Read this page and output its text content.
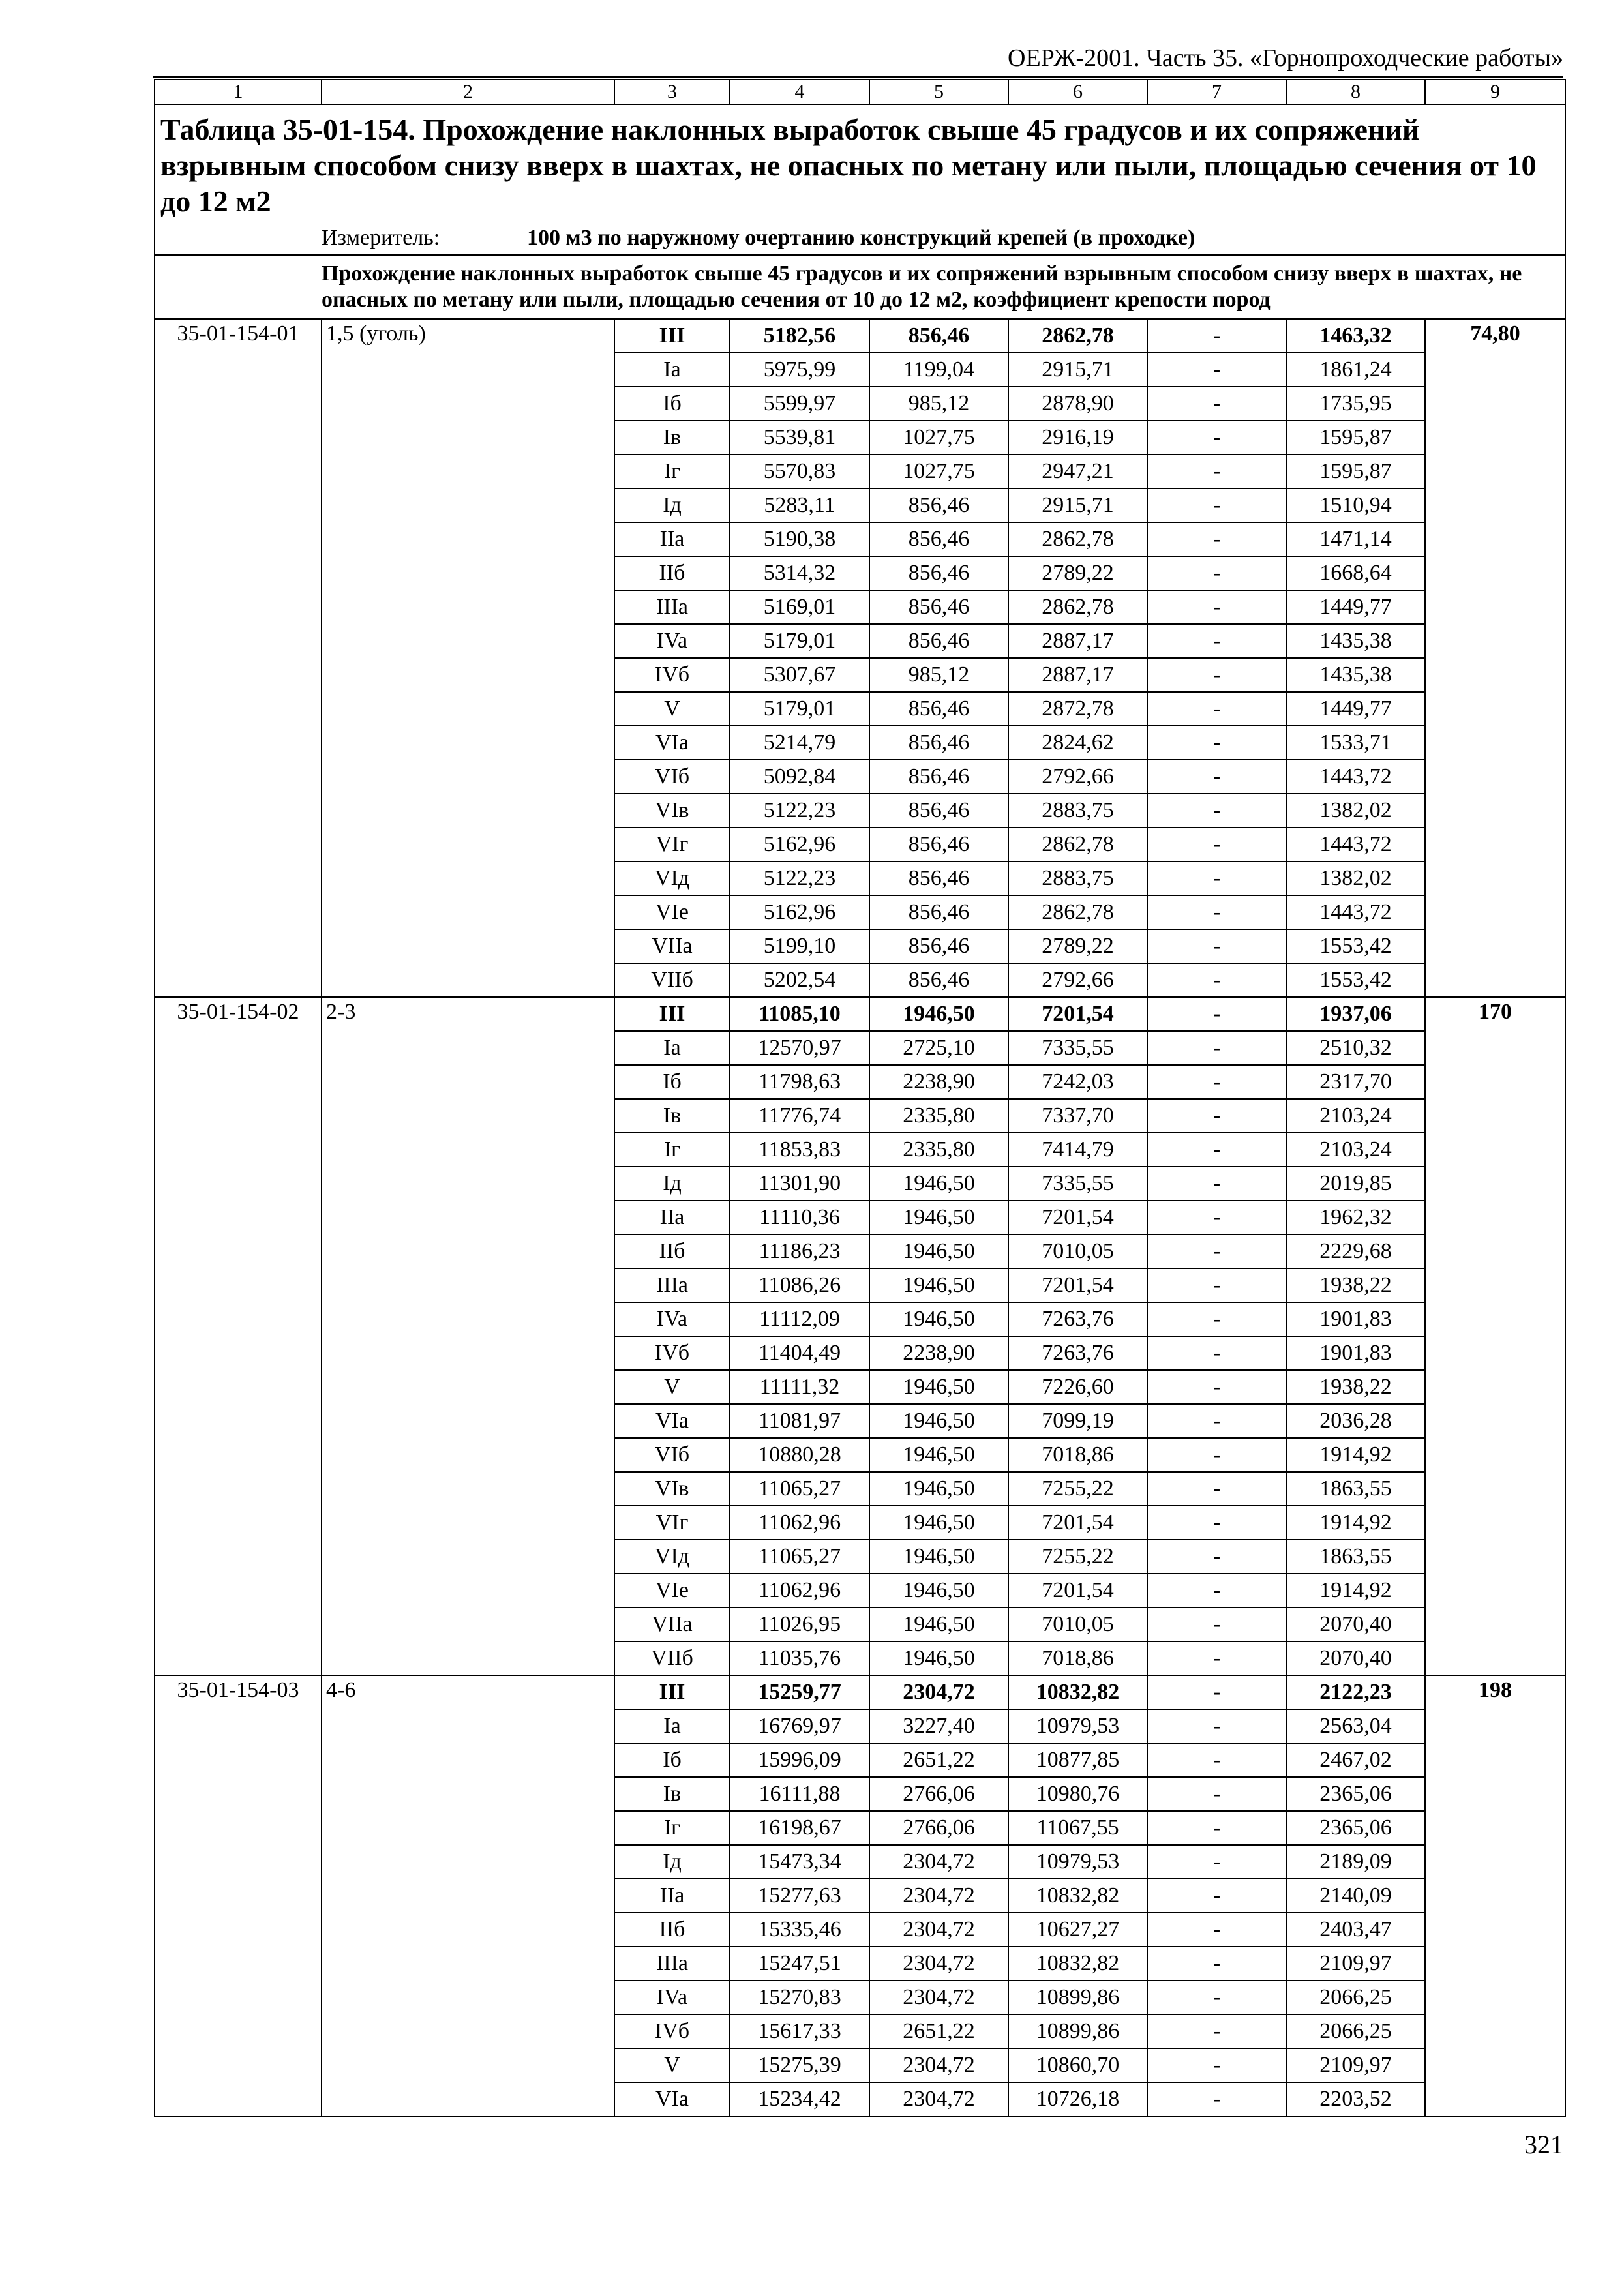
ОЕРЖ-2001. Часть 35. «Горнопроходческие работы»
1	2	3	4	5	6	7	8	9
Таблица 35-01-154. Прохождение наклонных выработок свыше 45 градусов и их сопряжений взрывным способом снизу вверх в шахтах, не опасных по метану или пыли, площадью сечения от 10 до 12 м2								
	Измеритель: 100 м3 по наружному очертанию конструкций крепей (в проходке)							
	Прохождение наклонных выработок свыше 45 градусов и их сопряжений взрывным способом снизу вверх в шахтах, не опасных по метану или пыли, площадью сечения от 10 до 12 м2, коэффициент крепости пород							
35-01-154-01	1,5 (уголь)	III	5182,56	856,46	2862,78	-	1463,32	74,80
		Ia	5975,99	1199,04	2915,71	-	1861,24	
		Iб	5599,97	985,12	2878,90	-	1735,95	
		Iв	5539,81	1027,75	2916,19	-	1595,87	
		Iг	5570,83	1027,75	2947,21	-	1595,87	
		Iд	5283,11	856,46	2915,71	-	1510,94	
		IIa	5190,38	856,46	2862,78	-	1471,14	
		IIб	5314,32	856,46	2789,22	-	1668,64	
		IIIa	5169,01	856,46	2862,78	-	1449,77	
		IVa	5179,01	856,46	2887,17	-	1435,38	
		IVб	5307,67	985,12	2887,17	-	1435,38	
		V	5179,01	856,46	2872,78	-	1449,77	
		VIa	5214,79	856,46	2824,62	-	1533,71	
		VIб	5092,84	856,46	2792,66	-	1443,72	
		VIв	5122,23	856,46	2883,75	-	1382,02	
		VIг	5162,96	856,46	2862,78	-	1443,72	
		VIд	5122,23	856,46	2883,75	-	1382,02	
		VIe	5162,96	856,46	2862,78	-	1443,72	
		VIIa	5199,10	856,46	2789,22	-	1553,42	
		VIIб	5202,54	856,46	2792,66	-	1553,42	
35-01-154-02	2-3	III	11085,10	1946,50	7201,54	-	1937,06	170
		Ia	12570,97	2725,10	7335,55	-	2510,32	
		Iб	11798,63	2238,90	7242,03	-	2317,70	
		Iв	11776,74	2335,80	7337,70	-	2103,24	
		Iг	11853,83	2335,80	7414,79	-	2103,24	
		Iд	11301,90	1946,50	7335,55	-	2019,85	
		IIa	11110,36	1946,50	7201,54	-	1962,32	
		IIб	11186,23	1946,50	7010,05	-	2229,68	
		IIIa	11086,26	1946,50	7201,54	-	1938,22	
		IVa	11112,09	1946,50	7263,76	-	1901,83	
		IVб	11404,49	2238,90	7263,76	-	1901,83	
		V	11111,32	1946,50	7226,60	-	1938,22	
		VIa	11081,97	1946,50	7099,19	-	2036,28	
		VIб	10880,28	1946,50	7018,86	-	1914,92	
		VIв	11065,27	1946,50	7255,22	-	1863,55	
		VIг	11062,96	1946,50	7201,54	-	1914,92	
		VIд	11065,27	1946,50	7255,22	-	1863,55	
		VIe	11062,96	1946,50	7201,54	-	1914,92	
		VIIa	11026,95	1946,50	7010,05	-	2070,40	
		VIIб	11035,76	1946,50	7018,86	-	2070,40	
35-01-154-03	4-6	III	15259,77	2304,72	10832,82	-	2122,23	198
		Ia	16769,97	3227,40	10979,53	-	2563,04	
		Iб	15996,09	2651,22	10877,85	-	2467,02	
		Iв	16111,88	2766,06	10980,76	-	2365,06	
		Iг	16198,67	2766,06	11067,55	-	2365,06	
		Iд	15473,34	2304,72	10979,53	-	2189,09	
		IIa	15277,63	2304,72	10832,82	-	2140,09	
		IIб	15335,46	2304,72	10627,27	-	2403,47	
		IIIa	15247,51	2304,72	10832,82	-	2109,97	
		IVa	15270,83	2304,72	10899,86	-	2066,25	
		IVб	15617,33	2651,22	10899,86	-	2066,25	
		V	15275,39	2304,72	10860,70	-	2109,97	
		VIa	15234,42	2304,72	10726,18	-	2203,52	
321
